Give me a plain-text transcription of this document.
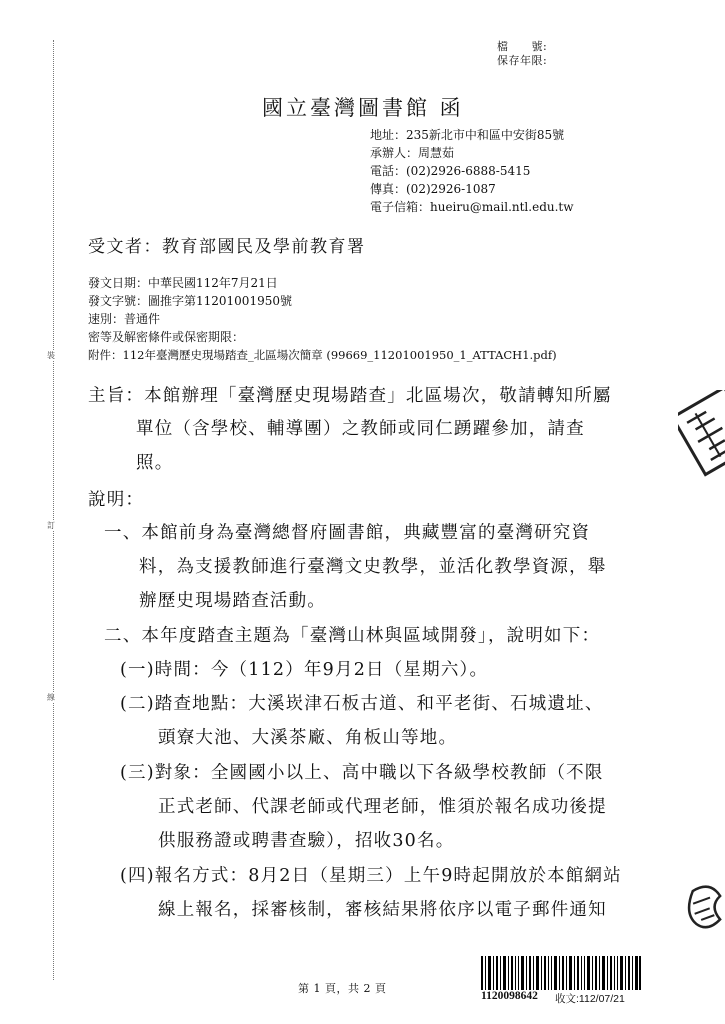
裝
訂
線
檔　　號:
保存年限:
國立臺灣圖書館 函
地址：235新北市中和區中安街85號
承辦人：周慧茹
電話：(02)2926-6888-5415
傳真：(02)2926-1087
電子信箱：hueiru@mail.ntl.edu.tw
受文者：教育部國民及學前教育署
發文日期：中華民國112年7月21日
發文字號：圖推字第11201001950號
速別：普通件
密等及解密條件或保密期限：
附件：112年臺灣歷史現場踏查_北區場次簡章 (99669_11201001950_1_ATTACH1.pdf)
主旨：本館辦理「臺灣歷史現場踏查」北區場次，敬請轉知所屬
單位（含學校、輔導團）之教師或同仁踴躍參加，請查
照。
說明：
一、本館前身為臺灣總督府圖書館，典藏豐富的臺灣研究資
料，為支援教師進行臺灣文史教學，並活化教學資源，舉
辦歷史現場踏查活動。
二、本年度踏查主題為「臺灣山林與區域開發」，說明如下：
(一)時間：今（112）年9月2日（星期六）。
(二)踏查地點：大溪崁津石板古道、和平老街、石城遺址、
頭寮大池、大溪茶廠、角板山等地。
(三)對象：全國國小以上、高中職以下各級學校教師（不限
正式老師、代課老師或代理老師，惟須於報名成功後提
供服務證或聘書查驗），招收30名。
(四)報名方式：8月2日（星期三）上午9時起開放於本館網站
線上報名，採審核制，審核結果將依序以電子郵件通知
第 1 頁，共 2 頁
1120098642 收文:112/07/21
